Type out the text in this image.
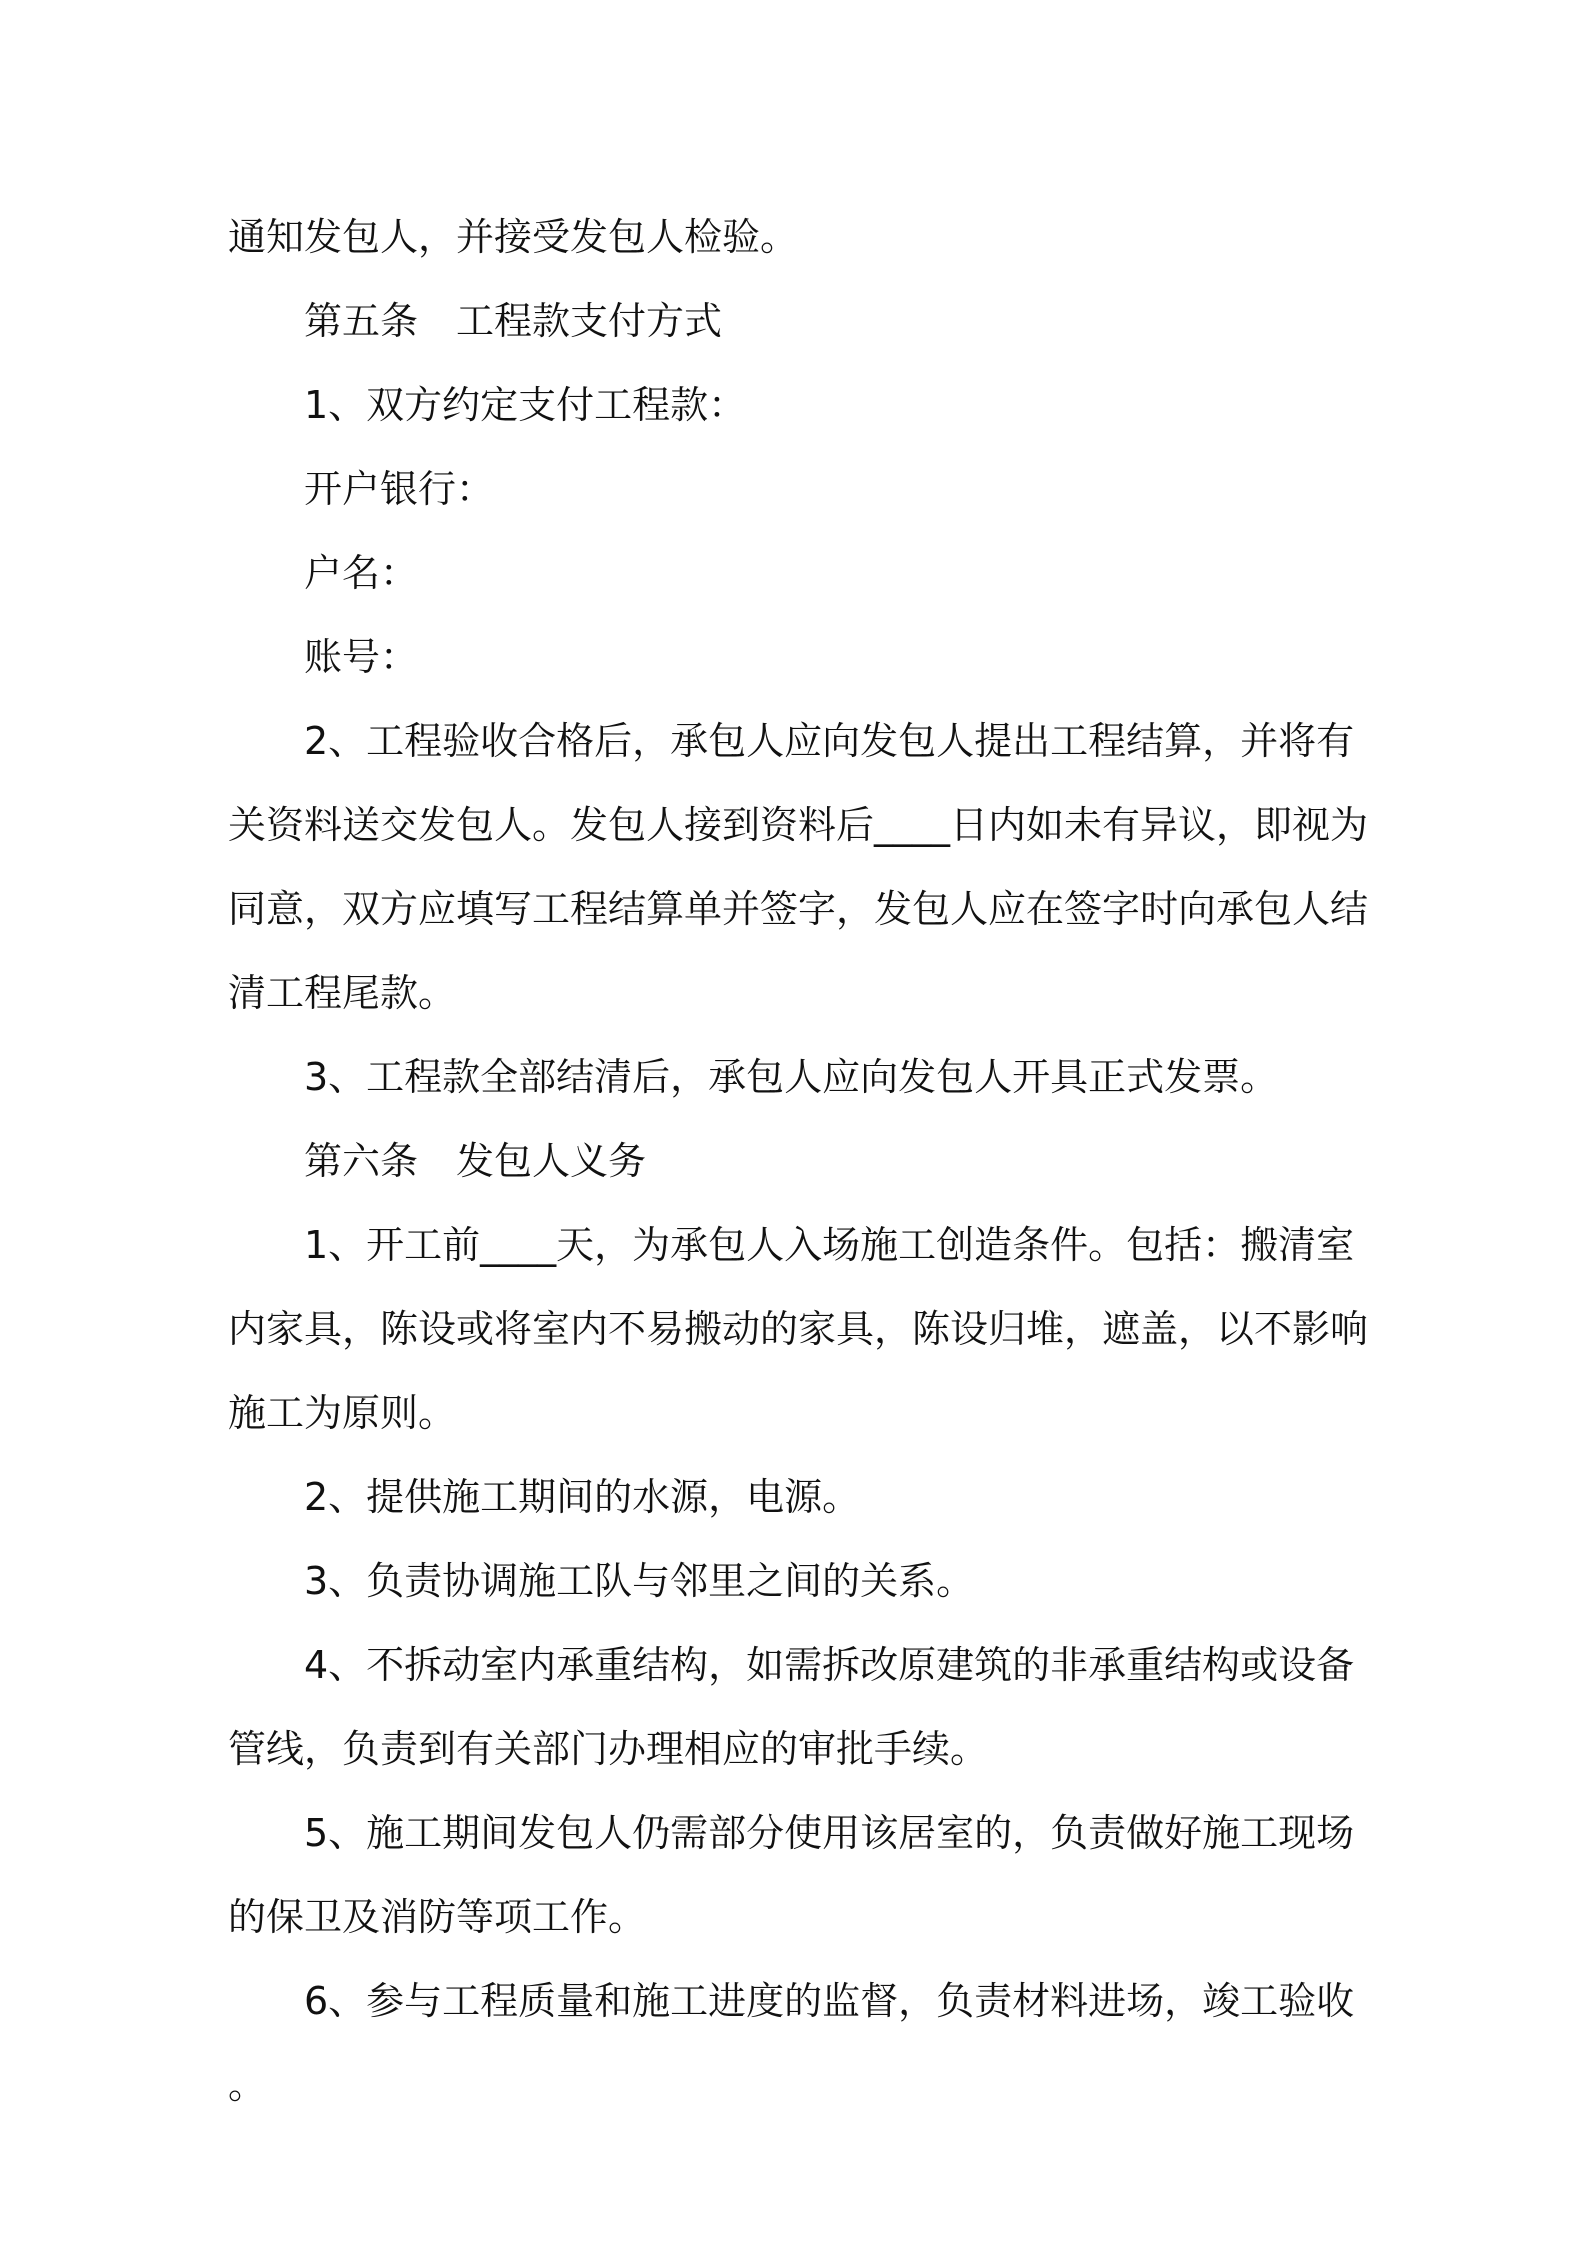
通知发包人，并接受发包人检验。

第五条　工程款支付方式

1、双方约定支付工程款：

开户银行：

户名：

账号：

2、工程验收合格后，承包人应向发包人提出工程结算，并将有关资料送交发包人。发包人接到资料后____日内如未有异议，即视为同意，双方应填写工程结算单并签字，发包人应在签字时向承包人结清工程尾款。

3、工程款全部结清后，承包人应向发包人开具正式发票。

第六条　发包人义务

1、开工前____天，为承包人入场施工创造条件。包括：搬清室内家具，陈设或将室内不易搬动的家具，陈设归堆，遮盖，以不影响施工为原则。

2、提供施工期间的水源，电源。

3、负责协调施工队与邻里之间的关系。

4、不拆动室内承重结构，如需拆改原建筑的非承重结构或设备管线，负责到有关部门办理相应的审批手续。

5、施工期间发包人仍需部分使用该居室的，负责做好施工现场的保卫及消防等项工作。

6、参与工程质量和施工进度的监督，负责材料进场，竣工验收。
